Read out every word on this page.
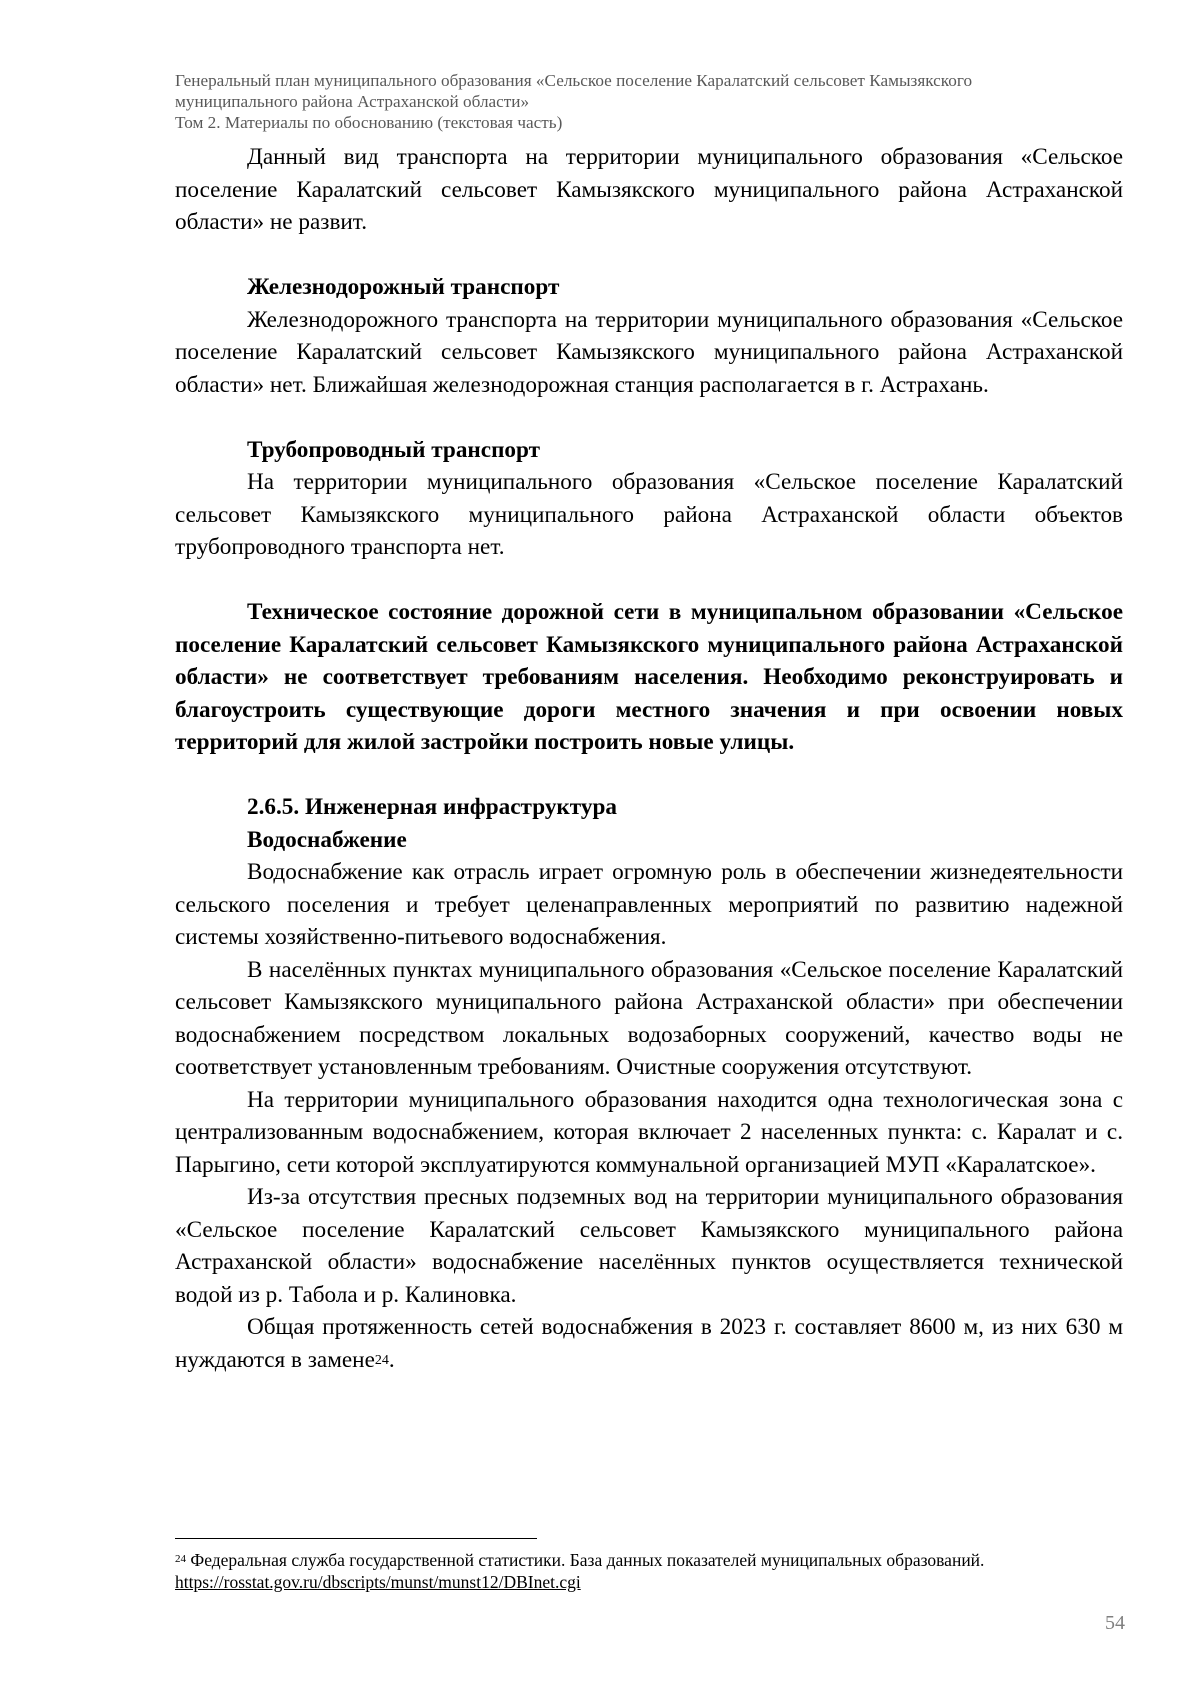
Генеральный план муниципального образования «Сельское поселение Каралатский сельсовет Камызякского
муниципального района Астраханской области»
Том 2. Материалы по обоснованию (текстовая часть)

Данный вид транспорта на территории муниципального образования «Сельское поселение Каралатский сельсовет Камызякского муниципального района Астраханской области» не развит.

Железнодорожный транспорт

Железнодорожного транспорта на территории муниципального образования «Сельское поселение Каралатский сельсовет Камызякского муниципального района Астраханской области» нет. Ближайшая железнодорожная станция располагается в г. Астрахань.

Трубопроводный транспорт

На территории муниципального образования «Сельское поселение Каралатский сельсовет Камызякского муниципального района Астраханской области объектов трубопроводного транспорта нет.

Техническое состояние дорожной сети в муниципальном образовании «Сельское поселение Каралатский сельсовет Камызякского муниципального района Астраханской области» не соответствует требованиям населения. Необходимо реконструировать и благоустроить существующие дороги местного значения и при освоении новых территорий для жилой застройки построить новые улицы.

2.6.5. Инженерная инфраструктура

Водоснабжение

Водоснабжение как отрасль играет огромную роль в обеспечении жизнедеятельности сельского поселения и требует целенаправленных мероприятий по развитию надежной системы хозяйственно-питьевого водоснабжения.

В населённых пунктах муниципального образования «Сельское поселение Каралатский сельсовет Камызякского муниципального района Астраханской области» при обеспечении водоснабжением посредством локальных водозаборных сооружений, качество воды не соответствует установленным требованиям. Очистные сооружения отсутствуют.

На территории муниципального образования находится одна технологическая зона с централизованным водоснабжением, которая включает 2 населенных пункта: с. Каралат и с. Парыгино, сети которой эксплуатируются коммунальной организацией МУП «Каралатское».

Из-за отсутствия пресных подземных вод на территории муниципального образования «Сельское поселение Каралатский сельсовет Камызякского муниципального района Астраханской области» водоснабжение населённых пунктов осуществляется технической водой из р. Табола и р. Калиновка.

Общая протяженность сетей водоснабжения в 2023 г. составляет 8600 м, из них 630 м нуждаются в замене$^{24}$.

$^{24}$ Федеральная служба государственной статистики. База данных показателей муниципальных образований.
https://rosstat.gov.ru/dbscripts/munst/munst12/DBInet.cgi
54
